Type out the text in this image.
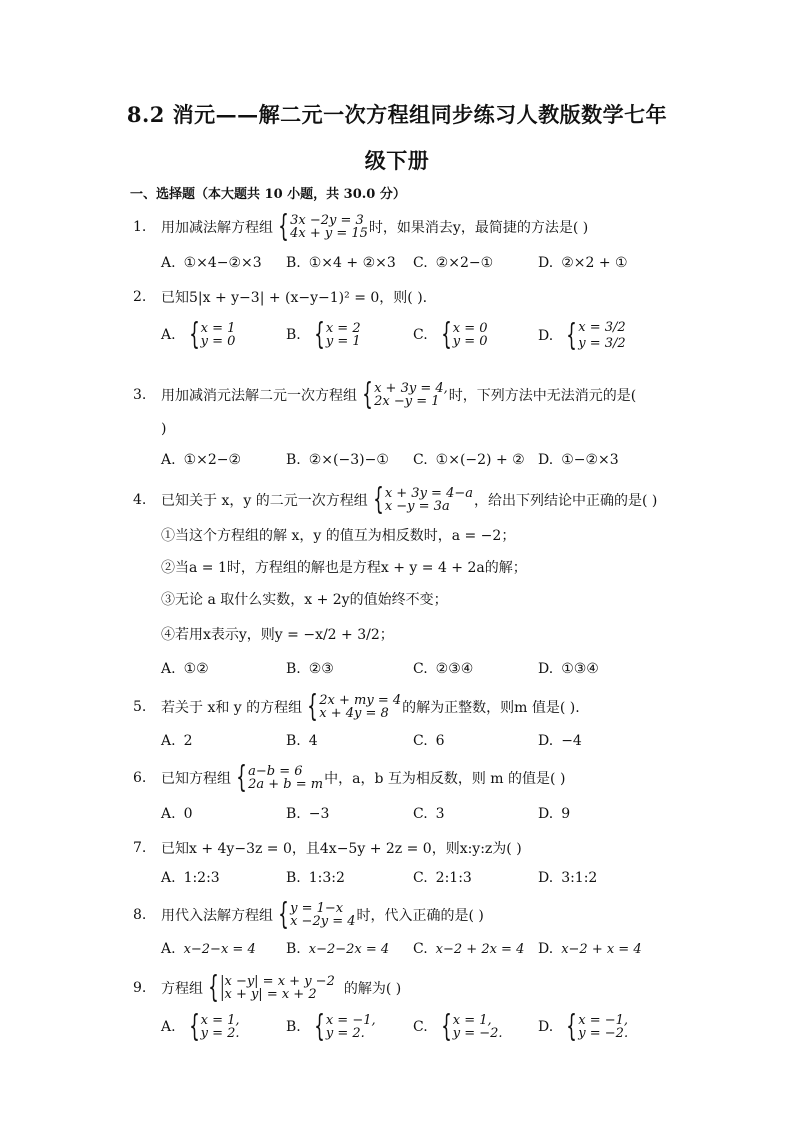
8.2 消元——解二元一次方程组同步练习人教版数学七年
级下册
一、选择题（本大题共 10 小题，共 30.0 分）
1.	用加减法解方程组 { 3x −2y = 3
4x + y = 15 时，如果消去y，最简捷的方法是( )
A. ①×4−②×3 B. ①×4 + ②×3 C. ②×2−①	D. ②×2 + ①
2.	已知5|x + y−3| + (x−y−1)² = 0，则( ).
A. { x = 1
y = 0	B. { x = 2
y = 1	C. { x = 0
y = 0	D. { x = 3/2
y = 3/2
3.	用加减消元法解二元一次方程组 { x + 3y = 4,
2x −y = 1 时，下列方法中无法消元的是(
)
A. ①×2−②	B. ②×(−3)−① C. ①×(−2) + ② D. ①−②×3
4.	已知关于 x，y 的二元一次方程组 { x + 3y = 4−a
x −y = 3a	，给出下列结论中正确的是( )
①当这个方程组的解 x，y 的值互为相反数时，a = −2；
②当a = 1时，方程组的解也是方程x + y = 4 + 2a的解；
③无论 a 取什么实数，x + 2y的值始终不变；
④若用x表示y，则y = −x/2 + 3/2；
A. ①②	B. ②③	C. ②③④	D. ①③④
5.	若关于 x和 y 的方程组 { 2x + my = 4
x + 4y = 8 的解为正整数，则m 值是( ).
A. 2	B. 4	C. 6	D. −4
6.	已知方程组 { a−b = 6
2a + b = m 中，a，b 互为相反数，则 m 的值是( )
A. 0	B. −3	C. 3	D. 9
7.	已知x + 4y−3z = 0，且4x−5y + 2z = 0，则x:y:z为( )
A. 1:2:3	B. 1:3:2	C. 2:1:3	D. 3:1:2
8.	用代入法解方程组 { y = 1−x
x −2y = 4 时，代入正确的是( )
A. x−2−x = 4 B. x−2−2x = 4 C. x−2 + 2x = 4 D. x−2 + x = 4
9.	方程组 { |x −y| = x + y −2
|x + y| = x + 2	的解为( )
A. { x = 1,
y = 2.	B. { x = −1,
y = 2.	C. { x = 1,
y = −2.	D. { x = −1,
y = −2.
